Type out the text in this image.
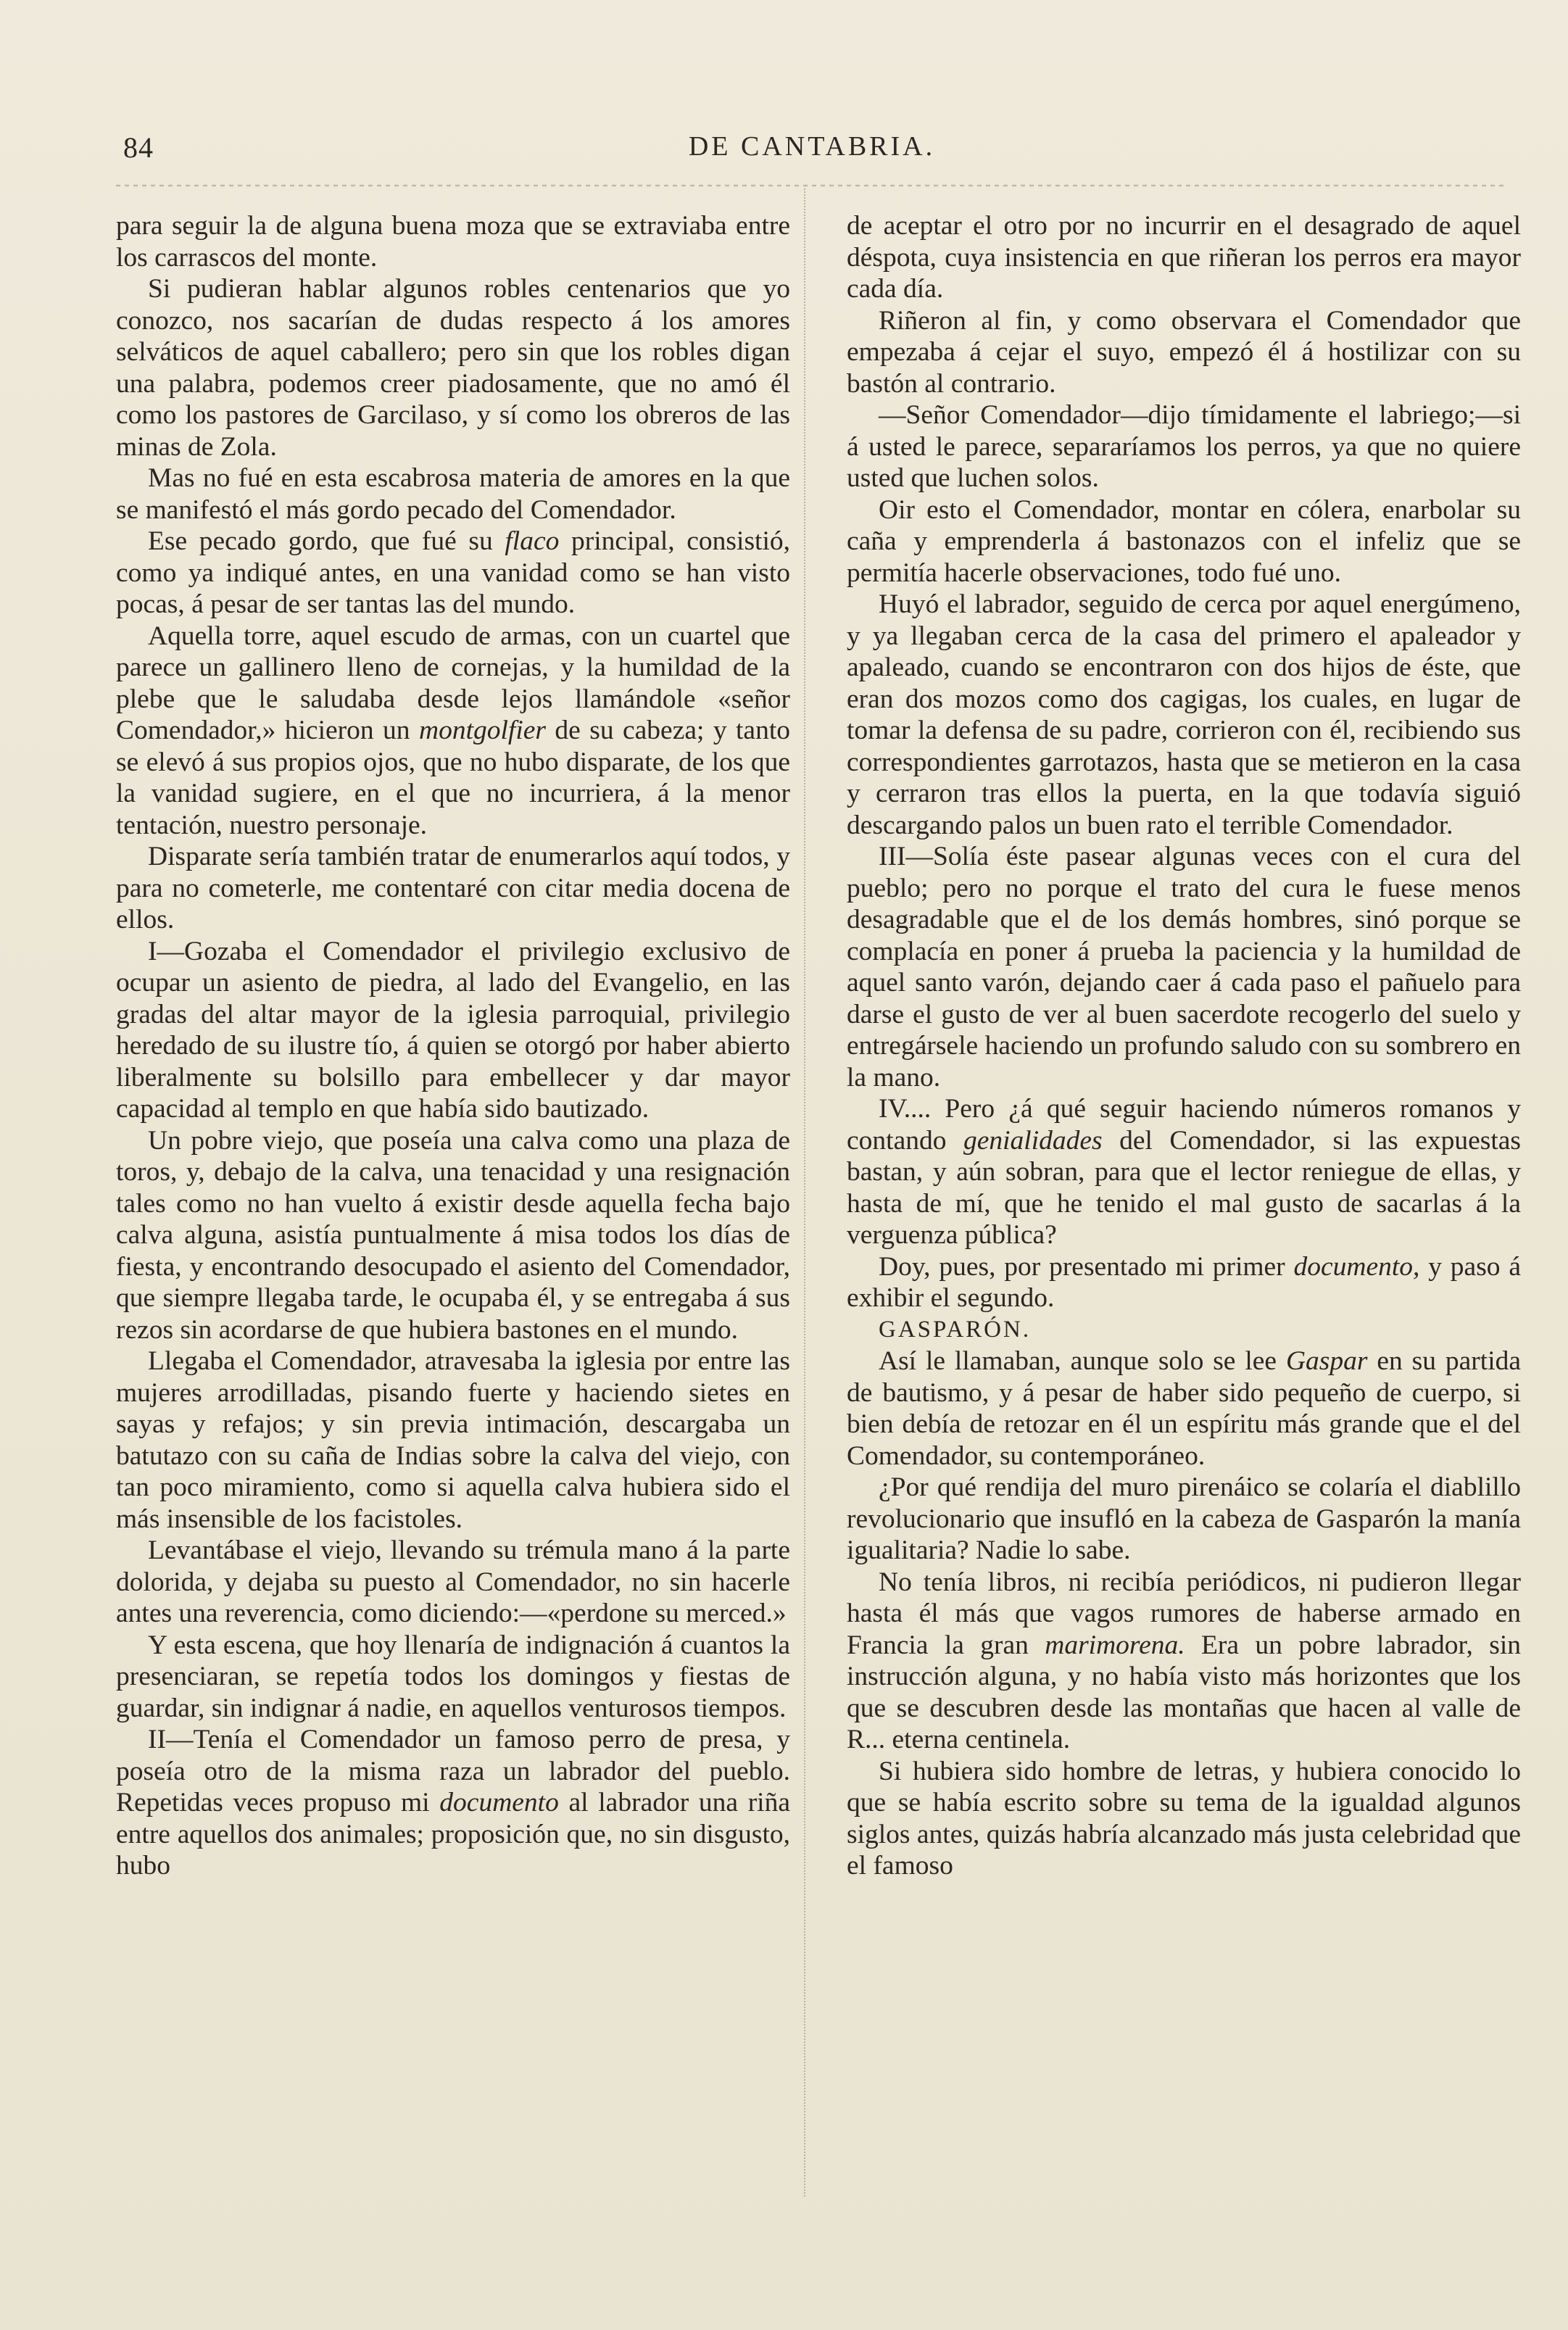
84	DE CANTABRIA.

para seguir la de alguna buena moza que se extraviaba entre los carrascos del monte.

Si pudieran hablar algunos robles centenarios que yo conozco, nos sacarían de dudas respecto á los amores selváticos de aquel caballero; pero sin que los robles digan una palabra, podemos creer piadosamente, que no amó él como los pastores de Garcilaso, y sí como los obreros de las minas de Zola.

Mas no fué en esta escabrosa materia de amores en la que se manifestó el más gordo pecado del Comendador.

Ese pecado gordo, que fué su flaco principal, consistió, como ya indiqué antes, en una vanidad como se han visto pocas, á pesar de ser tantas las del mundo.

Aquella torre, aquel escudo de armas, con un cuartel que parece un gallinero lleno de cornejas, y la humildad de la plebe que le saludaba desde lejos llamándole «señor Comendador,» hicieron un montgolfier de su cabeza; y tanto se elevó á sus propios ojos, que no hubo disparate, de los que la vanidad sugiere, en el que no incurriera, á la menor tentación, nuestro personaje.

Disparate sería también tratar de enumerarlos aquí todos, y para no cometerle, me contentaré con citar media docena de ellos.

I—Gozaba el Comendador el privilegio exclusivo de ocupar un asiento de piedra, al lado del Evangelio, en las gradas del altar mayor de la iglesia parroquial, privilegio heredado de su ilustre tío, á quien se otorgó por haber abierto liberalmente su bolsillo para embellecer y dar mayor capacidad al templo en que había sido bautizado.

Un pobre viejo, que poseía una calva como una plaza de toros, y, debajo de la calva, una tenacidad y una resignación tales como no han vuelto á existir desde aquella fecha bajo calva alguna, asistía puntualmente á misa todos los días de fiesta, y encontrando desocupado el asiento del Comendador, que siempre llegaba tarde, le ocupaba él, y se entregaba á sus rezos sin acordarse de que hubiera bastones en el mundo.

Llegaba el Comendador, atravesaba la iglesia por entre las mujeres arrodilladas, pisando fuerte y haciendo sietes en sayas y refajos; y sin previa intimación, descargaba un batutazo con su caña de Indias sobre la calva del viejo, con tan poco miramiento, como si aquella calva hubiera sido el más insensible de los facistoles.

Levantábase el viejo, llevando su trémula mano á la parte dolorida, y dejaba su puesto al Comendador, no sin hacerle antes una reverencia, como diciendo:—«perdone su merced.»

Y esta escena, que hoy llenaría de indignación á cuantos la presenciaran, se repetía todos los domingos y fiestas de guardar, sin indignar á nadie, en aquellos venturosos tiempos.

II—Tenía el Comendador un famoso perro de presa, y poseía otro de la misma raza un labrador del pueblo. Repetidas veces propuso mi documento al labrador una riña entre aquellos dos animales; proposición que, no sin disgusto, hubo

de aceptar el otro por no incurrir en el desagrado de aquel déspota, cuya insistencia en que riñeran los perros era mayor cada día.

Riñeron al fin, y como observara el Comendador que empezaba á cejar el suyo, empezó él á hostilizar con su bastón al contrario.

—Señor Comendador—dijo tímidamente el labriego;—si á usted le parece, separaríamos los perros, ya que no quiere usted que luchen solos.

Oir esto el Comendador, montar en cólera, enarbolar su caña y emprenderla á bastonazos con el infeliz que se permitía hacerle observaciones, todo fué uno.

Huyó el labrador, seguido de cerca por aquel energúmeno, y ya llegaban cerca de la casa del primero el apaleador y apaleado, cuando se encontraron con dos hijos de éste, que eran dos mozos como dos cagigas, los cuales, en lugar de tomar la defensa de su padre, corrieron con él, recibiendo sus correspondientes garrotazos, hasta que se metieron en la casa y cerraron tras ellos la puerta, en la que todavía siguió descargando palos un buen rato el terrible Comendador.

III—Solía éste pasear algunas veces con el cura del pueblo; pero no porque el trato del cura le fuese menos desagradable que el de los demás hombres, sinó porque se complacía en poner á prueba la paciencia y la humildad de aquel santo varón, dejando caer á cada paso el pañuelo para darse el gusto de ver al buen sacerdote recogerlo del suelo y entregársele haciendo un profundo saludo con su sombrero en la mano.

IV.... Pero ¿á qué seguir haciendo números romanos y contando genialidades del Comendador, si las expuestas bastan, y aún sobran, para que el lector reniegue de ellas, y hasta de mí, que he tenido el mal gusto de sacarlas á la verguenza pública?

Doy, pues, por presentado mi primer documento, y paso á exhibir el segundo.

GASPARÓN.

Así le llamaban, aunque solo se lee Gaspar en su partida de bautismo, y á pesar de haber sido pequeño de cuerpo, si bien debía de retozar en él un espíritu más grande que el del Comendador, su contemporáneo.

¿Por qué rendija del muro pirenáico se colaría el diablillo revolucionario que insufló en la cabeza de Gasparón la manía igualitaria? Nadie lo sabe.

No tenía libros, ni recibía periódicos, ni pudieron llegar hasta él más que vagos rumores de haberse armado en Francia la gran marimorena. Era un pobre labrador, sin instrucción alguna, y no había visto más horizontes que los que se descubren desde las montañas que hacen al valle de R... eterna centinela.

Si hubiera sido hombre de letras, y hubiera conocido lo que se había escrito sobre su tema de la igualdad algunos siglos antes, quizás habría alcanzado más justa celebridad que el famoso
